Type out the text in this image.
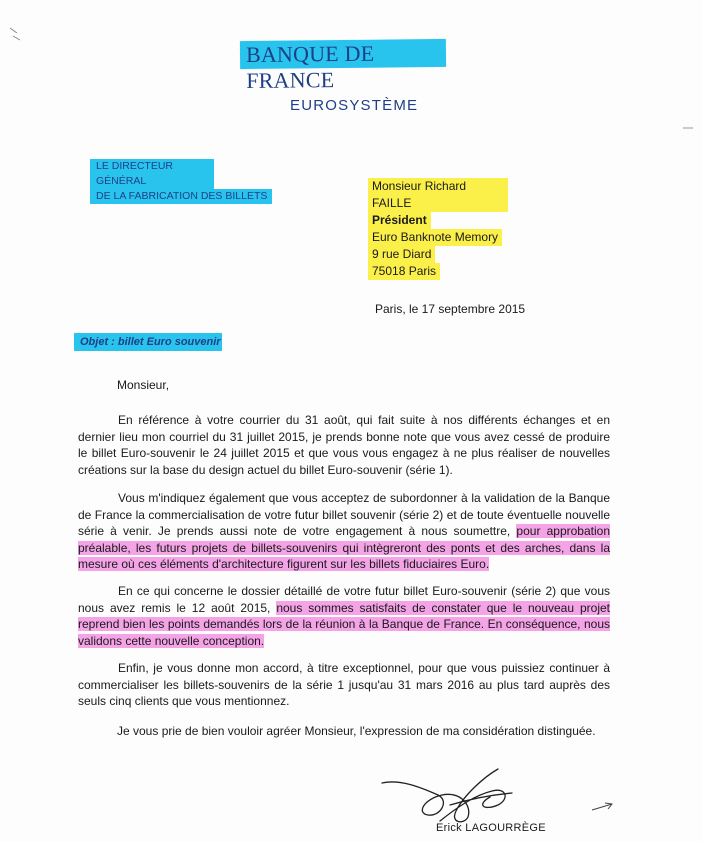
BANQUE DE FRANCE
EUROSYSTÈME
LE DIRECTEUR GÉNÉRAL
DE LA FABRICATION DES BILLETS
Monsieur Richard FAILLE Président Euro Banknote Memory 9 rue Diard 75018 Paris
Paris, le 17 septembre 2015
Objet : billet Euro souvenir
Monsieur,

En référence à votre courrier du 31 août, qui fait suite à nos différents échanges et en dernier lieu mon courriel du 31 juillet 2015, je prends bonne note que vous avez cessé de produire le billet Euro-souvenir le 24 juillet 2015 et que vous vous engagez à ne plus réaliser de nouvelles créations sur la base du design actuel du billet Euro-souvenir (série 1).

Vous m'indiquez également que vous acceptez de subordonner à la validation de la Banque de France la commercialisation de votre futur billet souvenir (série 2) et de toute éventuelle nouvelle série à venir. Je prends aussi note de votre engagement à nous soumettre, pour approbation préalable, les futurs projets de billets-souvenirs qui intègreront des ponts et des arches, dans la mesure où ces éléments d'architecture figurent sur les billets fiduciaires Euro.

En ce qui concerne le dossier détaillé de votre futur billet Euro-souvenir (série 2) que vous nous avez remis le 12 août 2015, nous sommes satisfaits de constater que le nouveau projet reprend bien les points demandés lors de la réunion à la Banque de France. En conséquence, nous validons cette nouvelle conception.

Enfin, je vous donne mon accord, à titre exceptionnel, pour que vous puissiez continuer à commercialiser les billets-souvenirs de la série 1 jusqu'au 31 mars 2016 au plus tard auprès des seuls cinq clients que vous mentionnez.

Je vous prie de bien vouloir agréer Monsieur, l'expression de ma considération distinguée.
Erick LAGOURRÈGE
